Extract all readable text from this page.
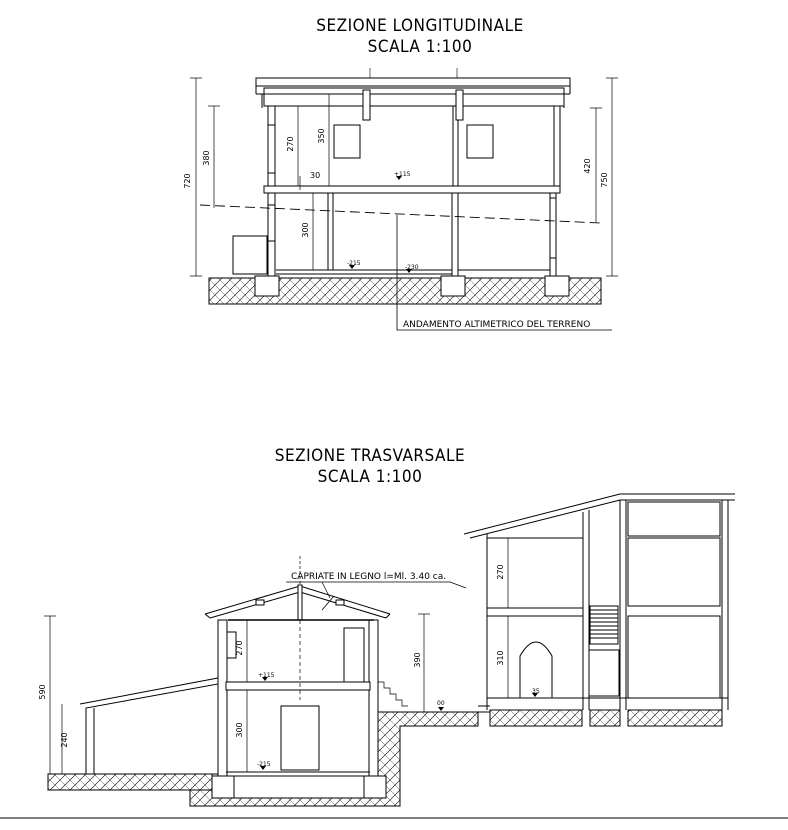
SEZIONE LONGITUDINALE
SCALA 1:100
SEZIONE TRASVARSALE
SCALA 1:100
720
380
270
350
30
300
420
750
+115
-215
-230
ANDAMENTO ALTIMETRICO DEL TERRENO
CAPRIATE IN LEGNO l=Ml. 3.40 ca.
590
240
270
300
390
270
310
+115
-215
00
35
